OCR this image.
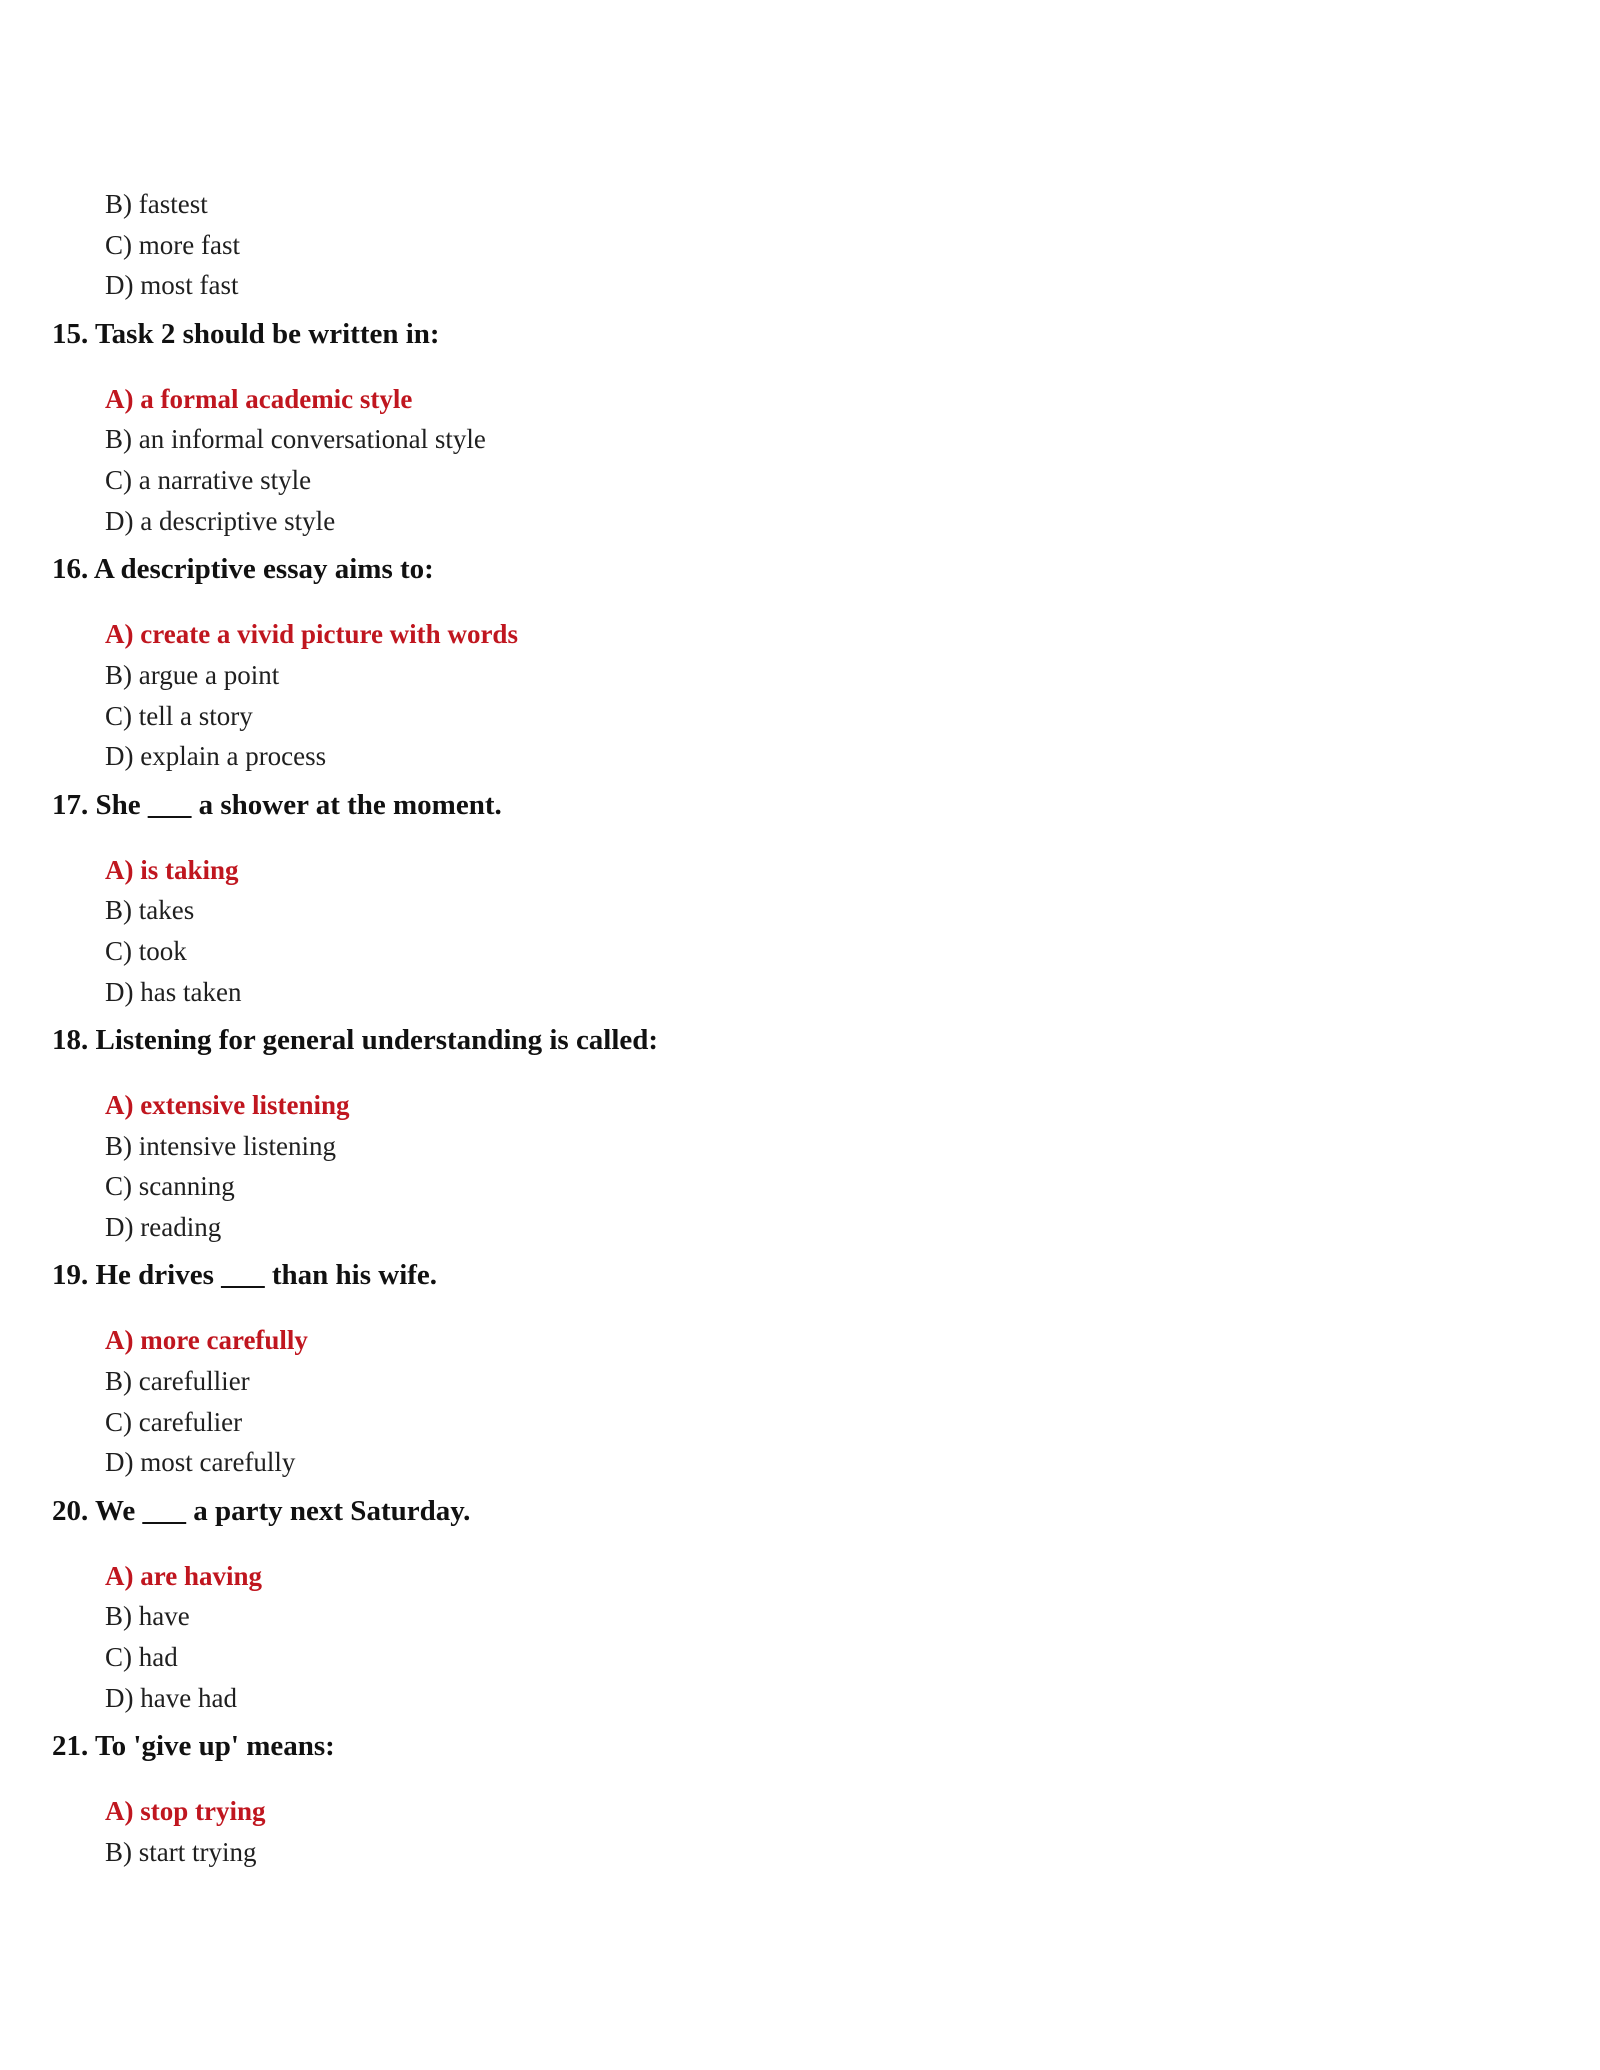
B) fastest
C) more fast
D) most fast
15. Task 2 should be written in:
A) a formal academic style
B) an informal conversational style
C) a narrative style
D) a descriptive style
16. A descriptive essay aims to:
A) create a vivid picture with words
B) argue a point
C) tell a story
D) explain a process
17. She ___ a shower at the moment.
A) is taking
B) takes
C) took
D) has taken
18. Listening for general understanding is called:
A) extensive listening
B) intensive listening
C) scanning
D) reading
19. He drives ___ than his wife.
A) more carefully
B) carefullier
C) carefulier
D) most carefully
20. We ___ a party next Saturday.
A) are having
B) have
C) had
D) have had
21. To 'give up' means:
A) stop trying
B) start trying
